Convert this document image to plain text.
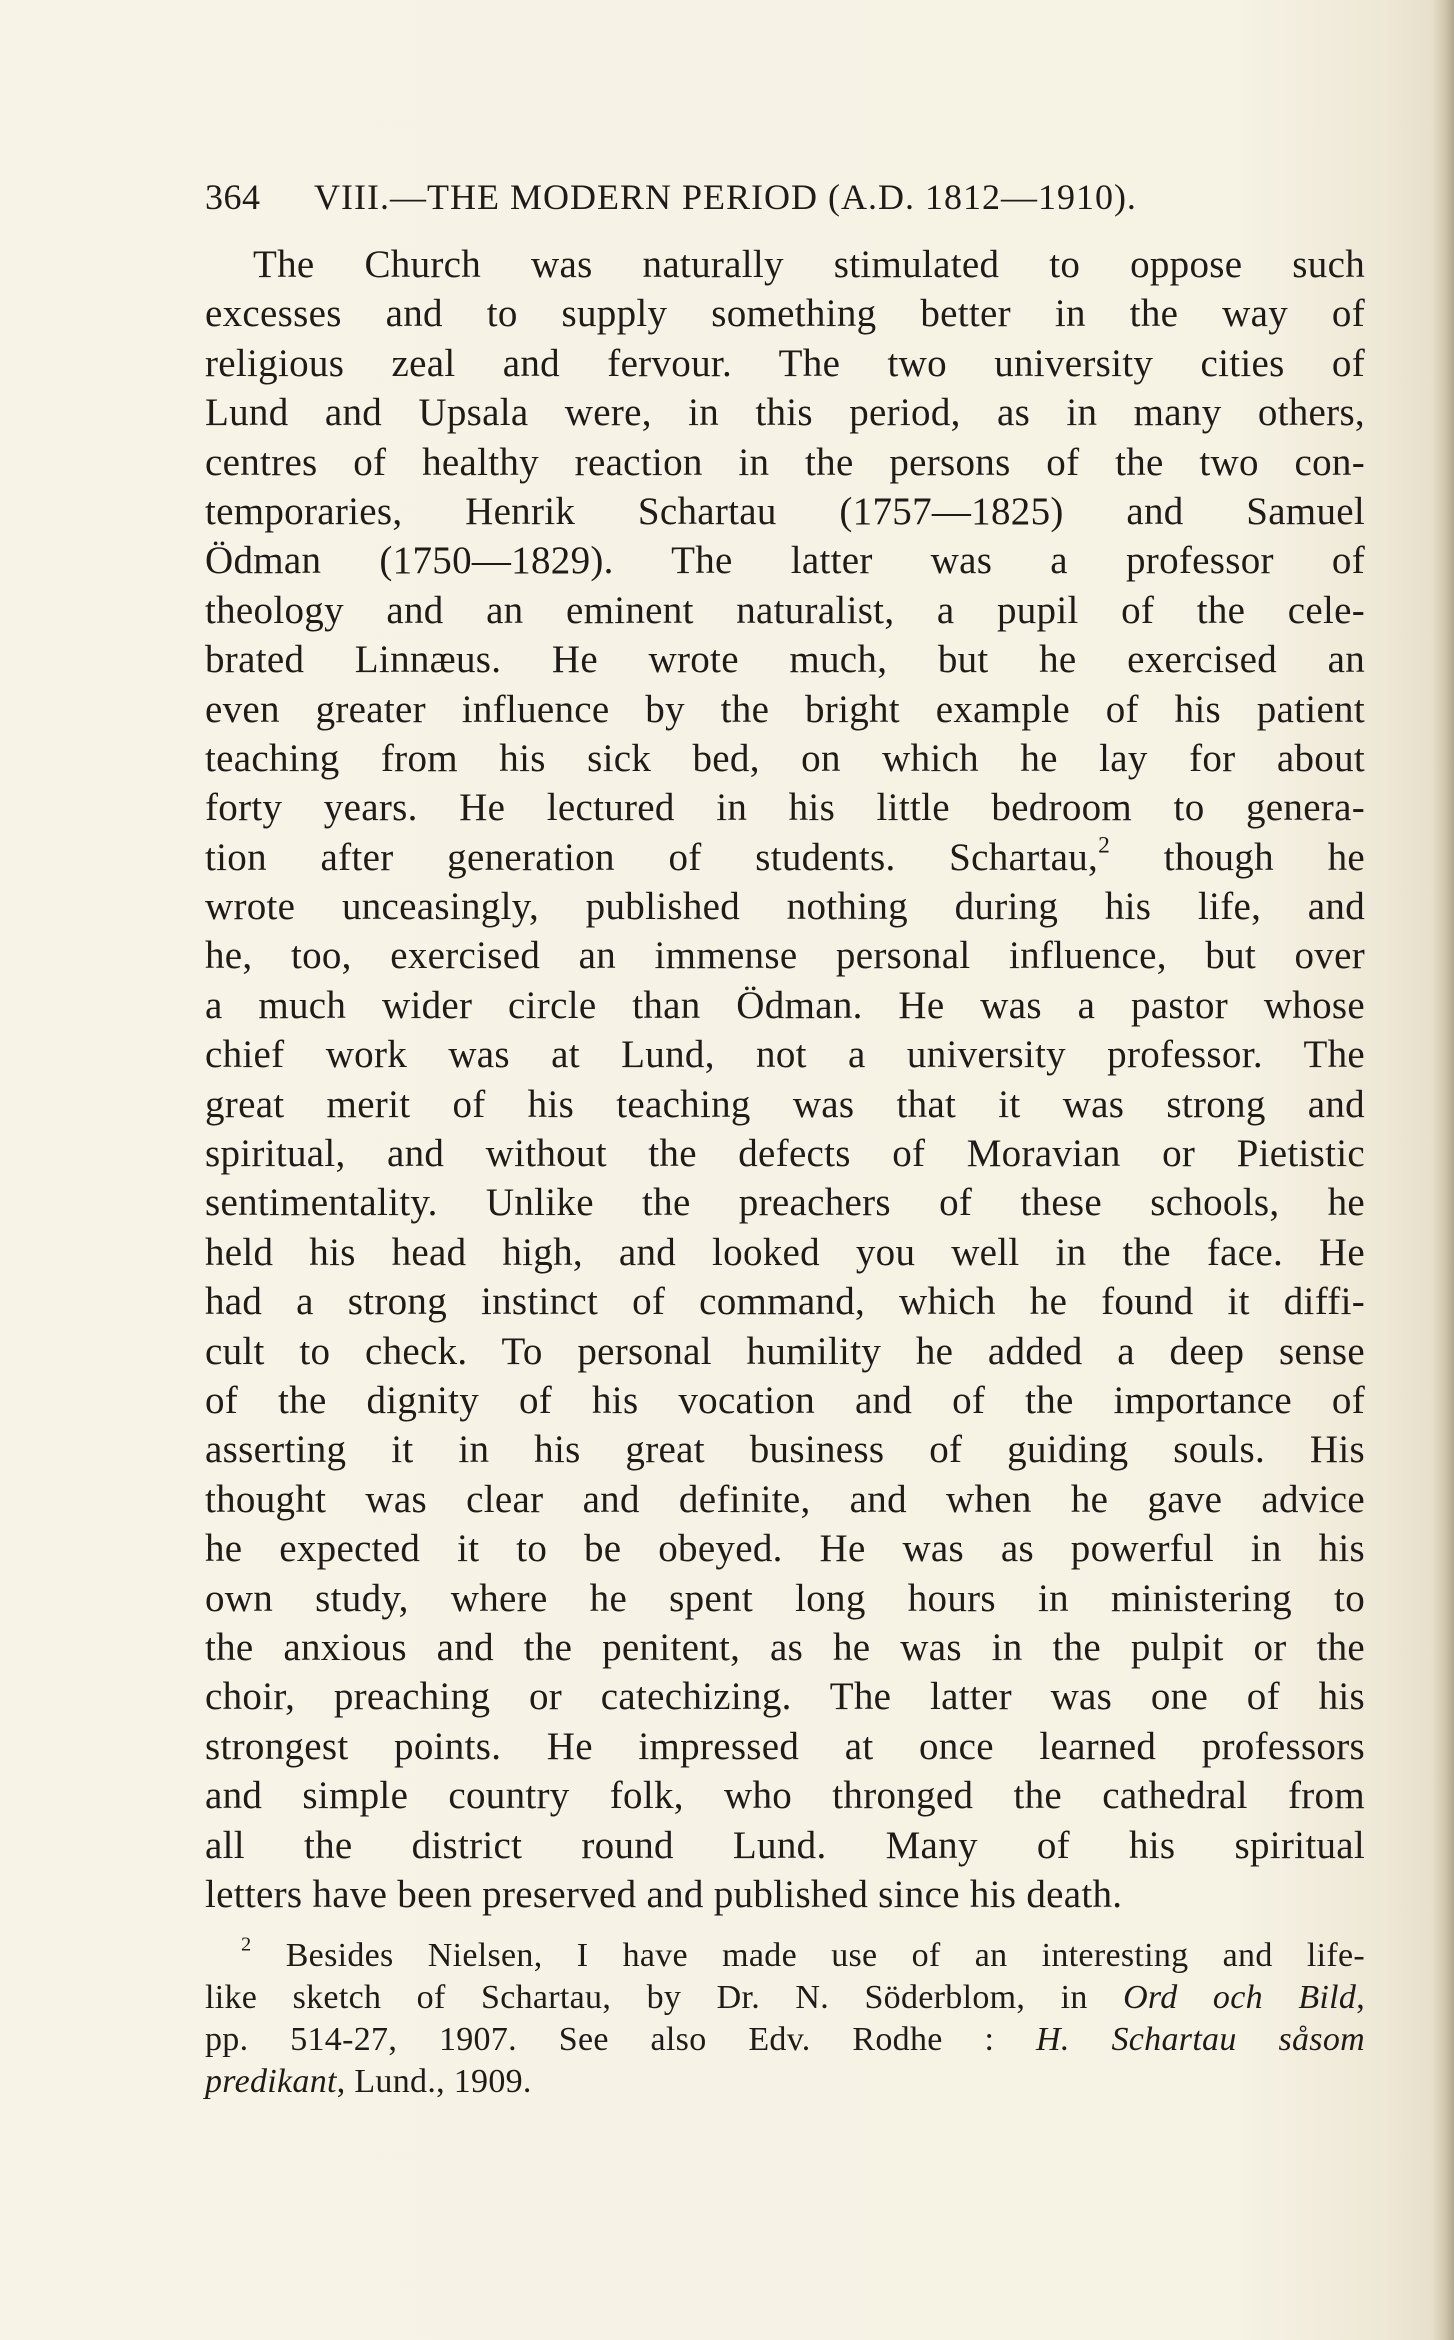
364 VIII.—THE MODERN PERIOD (A.D. 1812—1910).
The Church was naturally stimulated to oppose such
excesses and to supply something better in the way of
religious zeal and fervour. The two university cities of
Lund and Upsala were, in this period, as in many others,
centres of healthy reaction in the persons of the two con-
temporaries, Henrik Schartau (1757—1825) and Samuel
Ödman (1750—1829). The latter was a professor of
theology and an eminent naturalist, a pupil of the cele-
brated Linnæus. He wrote much, but he exercised an
even greater influence by the bright example of his patient
teaching from his sick bed, on which he lay for about
forty years. He lectured in his little bedroom to genera-
tion after generation of students. Schartau,$^2$ though he
wrote unceasingly, published nothing during his life, and
he, too, exercised an immense personal influence, but over
a much wider circle than Ödman. He was a pastor whose
chief work was at Lund, not a university professor. The
great merit of his teaching was that it was strong and
spiritual, and without the defects of Moravian or Pietistic
sentimentality. Unlike the preachers of these schools, he
held his head high, and looked you well in the face. He
had a strong instinct of command, which he found it diffi-
cult to check. To personal humility he added a deep sense
of the dignity of his vocation and of the importance of
asserting it in his great business of guiding souls. His
thought was clear and definite, and when he gave advice
he expected it to be obeyed. He was as powerful in his
own study, where he spent long hours in ministering to
the anxious and the penitent, as he was in the pulpit or the
choir, preaching or catechizing. The latter was one of his
strongest points. He impressed at once learned professors
and simple country folk, who thronged the cathedral from
all the district round Lund. Many of his spiritual
letters have been preserved and published since his death.
$^2$ Besides Nielsen, I have made use of an interesting and life-
like sketch of Schartau, by Dr. N. Söderblom, in Ord och Bild,
pp. 514-27, 1907. See also Edv. Rodhe : H. Schartau såsom
predikant, Lund., 1909.
